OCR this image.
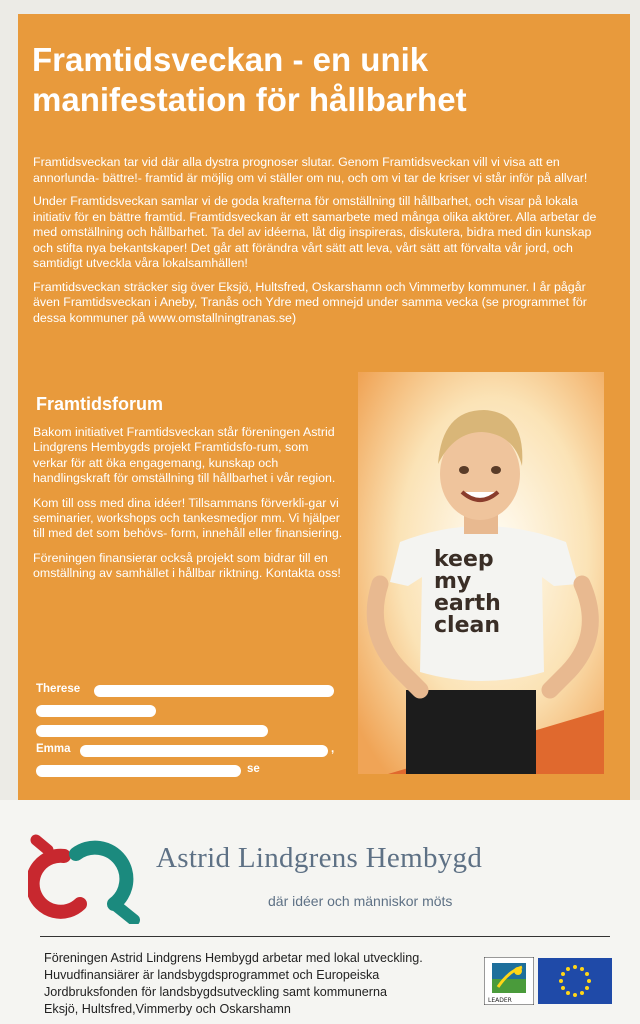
Framtidsveckan - en unik
manifestation för hållbarhet

Framtidsveckan tar vid där alla dystra prognoser slutar. Genom Framtidsveckan vill vi visa att en annorlunda- bättre!- framtid är möjlig om vi ställer om nu, och om vi tar de kriser vi står inför på allvar!

Under Framtidsveckan samlar vi de goda krafterna för omställning till hållbarhet, och visar på lokala initiativ för en bättre framtid. Framtidsveckan är ett samarbete med många olika aktörer. Alla arbetar de med omställning och hållbarhet. Ta del av idéerna, låt dig inspireras, diskutera, bidra med din kunskap och stifta nya bekantskaper! Det går att förändra vårt sätt att leva, vårt sätt att förvalta vår jord, och samtidigt utveckla våra lokalsamhällen!

Framtidsveckan sträcker sig över Eksjö, Hultsfred, Oskarshamn och Vimmerby kommuner. I år pågår även Framtidsveckan i Aneby, Tranås och Ydre med omnejd under samma vecka (se programmet för dessa kommuner på www.omstallningtranas.se)

Framtidsforum

Bakom initiativet Framtidsveckan står föreningen Astrid Lindgrens Hembygds projekt Framtidsfo-rum, som verkar för att öka engagemang, kunskap och handlingskraft för omställning till hållbarhet i vår region.

Kom till oss med dina idéer! Tillsammans förverkli-gar vi seminarier, workshops och tankesmedjor mm. Vi hjälper till med det som behövs- form, innehåll eller finansiering.

Föreningen finansierar också projekt som bidrar till en omställning av samhället i hållbar riktning. Kontakta oss!

Therese
Emma	,
se
keep
my
earth
clean
Astrid Lindgrens Hembygd
där idéer och människor möts
Föreningen Astrid Lindgrens Hembygd arbetar med lokal utveckling.
Huvudfinansiärer är landsbygdsprogrammet och Europeiska
Jordbruksfonden för landsbygdsutveckling samt kommunerna
Eksjö, Hultsfred,Vimmerby och Oskarshamn
LEADER
